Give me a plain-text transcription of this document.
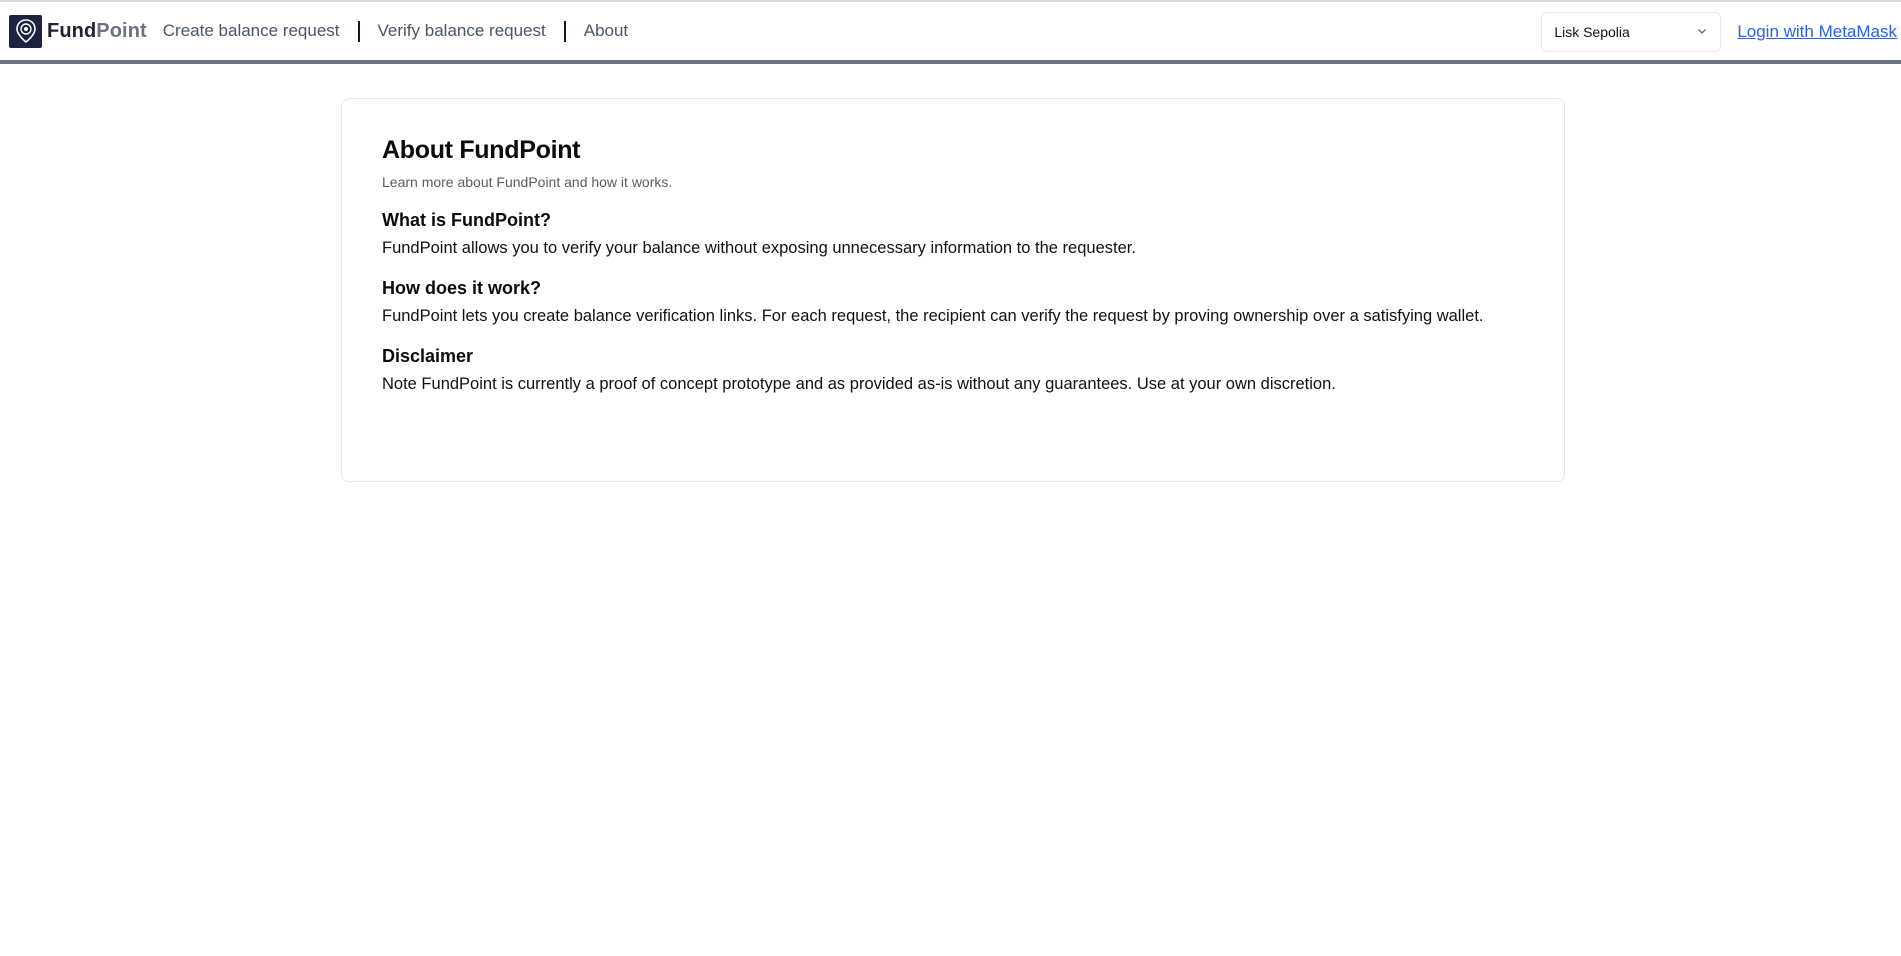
FundPoint Create balance request Verify balance request About	Lisk Sepolia	Login with MetaMask
About FundPoint
Learn more about FundPoint and how it works.
What is FundPoint?

FundPoint allows you to verify your balance without exposing unnecessary information to the requester.

How does it work?

FundPoint lets you create balance verification links. For each request, the recipient can verify the request by proving ownership over a satisfying wallet.

Disclaimer

Note FundPoint is currently a proof of concept prototype and as provided as-is without any guarantees. Use at your own discretion.
